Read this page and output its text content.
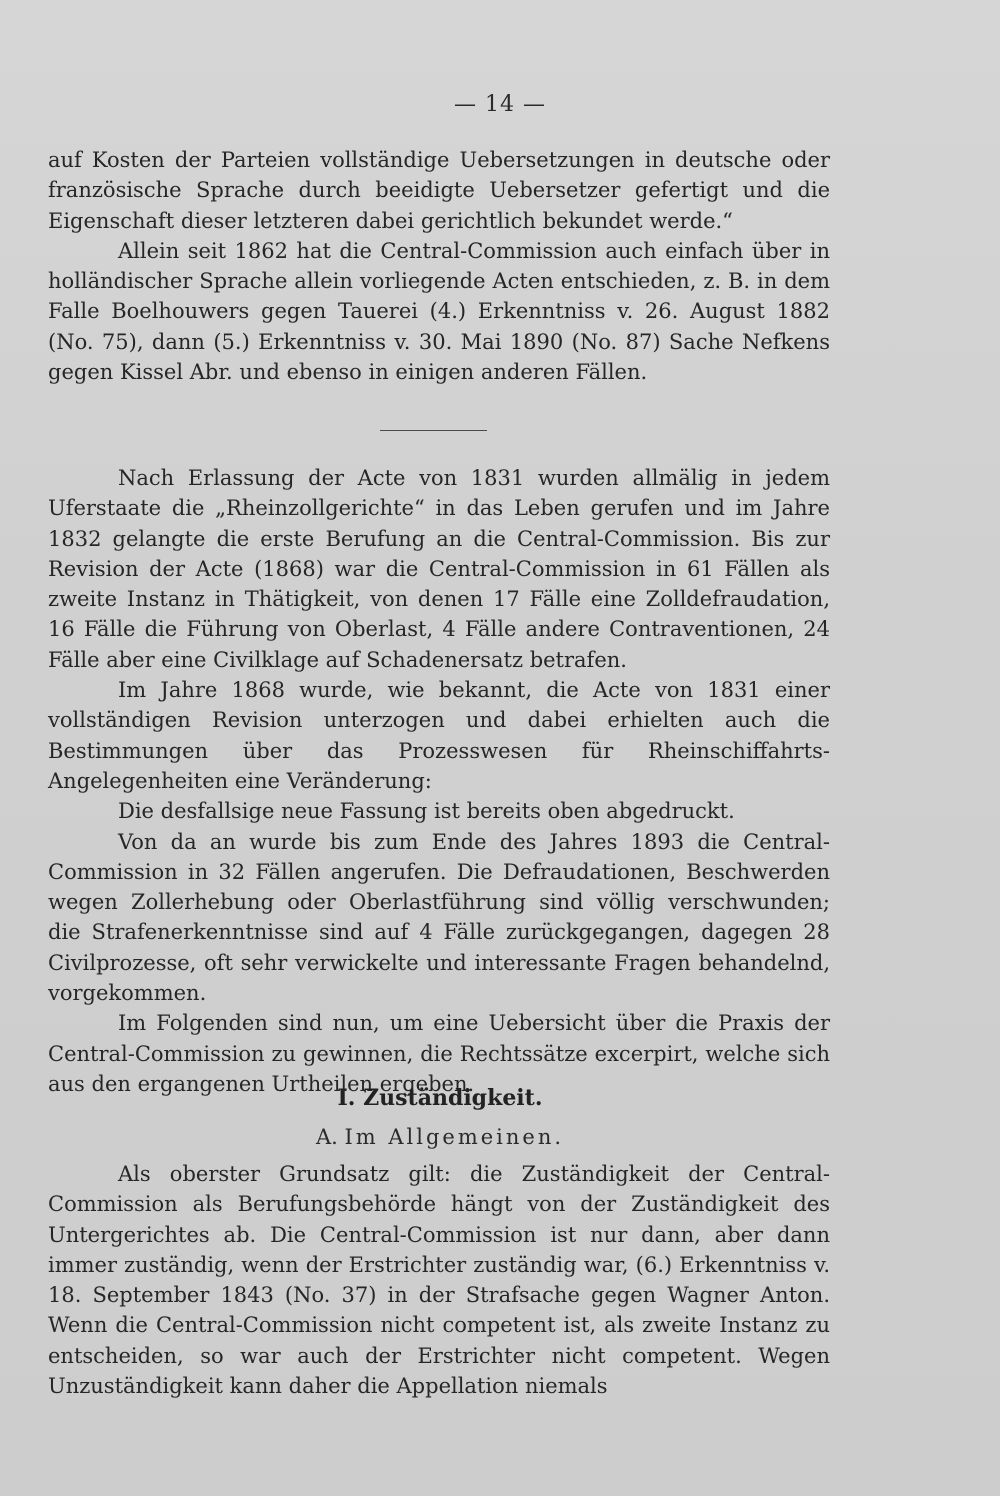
— 14 —

auf Kosten der Parteien vollständige Uebersetzungen in deutsche oder französische Sprache durch beeidigte Uebersetzer gefertigt und die Eigenschaft dieser letzteren dabei gerichtlich bekundet werde.“

Allein seit 1862 hat die Central-Commission auch einfach über in holländischer Sprache allein vorliegende Acten entschieden, z. B. in dem Falle Boelhouwers gegen Tauerei (4.) Erkenntniss v. 26. August 1882 (No. 75), dann (5.) Erkenntniss v. 30. Mai 1890 (No. 87) Sache Nefkens gegen Kissel Abr. und ebenso in einigen anderen Fällen.

Nach Erlassung der Acte von 1831 wurden allmälig in jedem Uferstaate die „Rheinzollgerichte“ in das Leben gerufen und im Jahre 1832 gelangte die erste Berufung an die Central-Commission. Bis zur Revision der Acte (1868) war die Central-Commission in 61 Fällen als zweite Instanz in Thätigkeit, von denen 17 Fälle eine Zolldefraudation, 16 Fälle die Führung von Oberlast, 4 Fälle andere Contraventionen, 24 Fälle aber eine Civilklage auf Schadenersatz betrafen.

Im Jahre 1868 wurde, wie bekannt, die Acte von 1831 einer vollständigen Revision unterzogen und dabei erhielten auch die Bestimmungen über das Prozesswesen für Rheinschiffahrts-Angelegenheiten eine Veränderung:

Die desfallsige neue Fassung ist bereits oben abgedruckt.

Von da an wurde bis zum Ende des Jahres 1893 die Central-Commission in 32 Fällen angerufen. Die Defraudationen, Beschwerden wegen Zollerhebung oder Oberlastführung sind völlig verschwunden; die Strafenerkenntnisse sind auf 4 Fälle zurückgegangen, dagegen 28 Civilprozesse, oft sehr verwickelte und interessante Fragen behandelnd, vorgekommen.

Im Folgenden sind nun, um eine Uebersicht über die Praxis der Central-Commission zu gewinnen, die Rechtssätze excerpirt, welche sich aus den ergangenen Urtheilen ergeben.

I. Zuständigkeit.
A. Im Allgemeinen.

Als oberster Grundsatz gilt: die Zuständigkeit der Central-Commission als Berufungsbehörde hängt von der Zuständigkeit des Untergerichtes ab. Die Central-Commission ist nur dann, aber dann immer zuständig, wenn der Erstrichter zuständig war, (6.) Erkenntniss v. 18. September 1843 (No. 37) in der Strafsache gegen Wagner Anton. Wenn die Central-Commission nicht competent ist, als zweite Instanz zu entscheiden, so war auch der Erstrichter nicht competent. Wegen Unzuständigkeit kann daher die Appellation niemals
